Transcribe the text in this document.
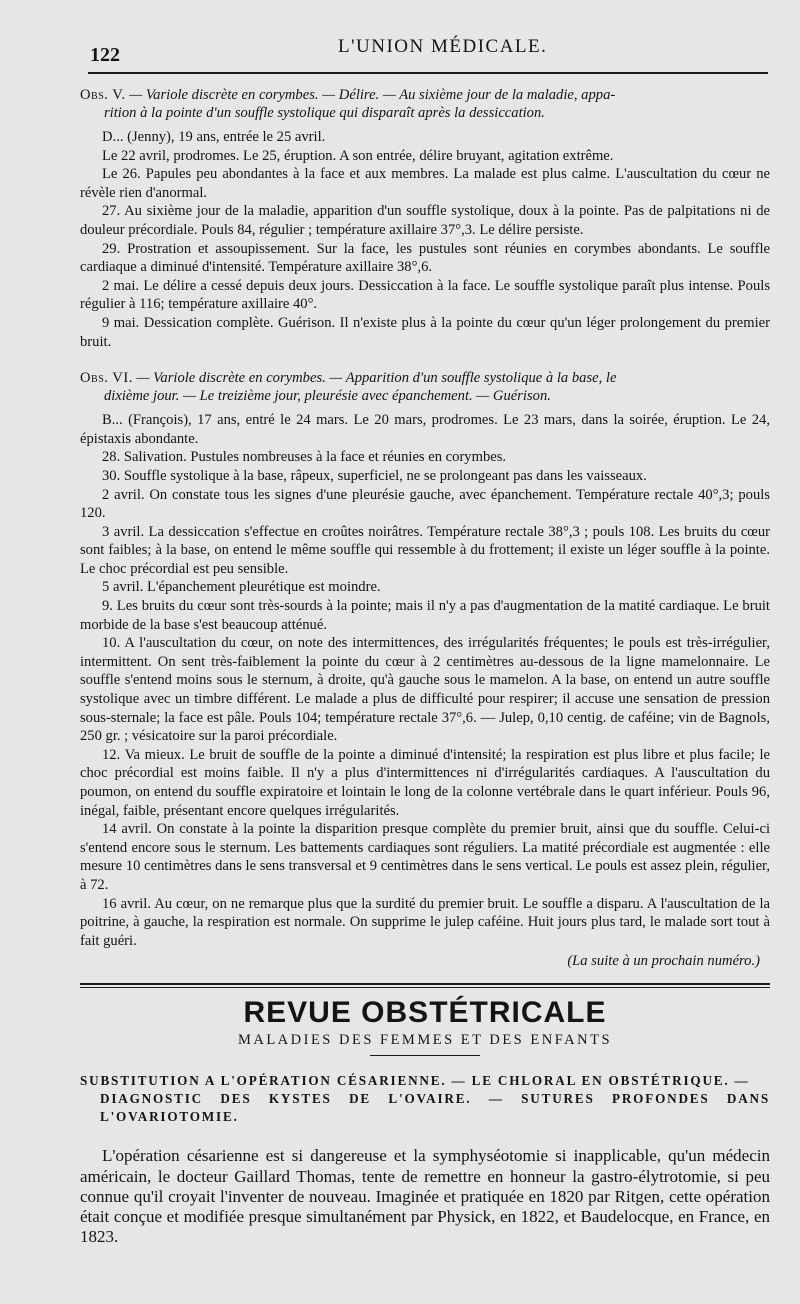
122	L'UNION MÉDICALE.
Obs. V. — Variole discrète en corymbes. — Délire. — Au sixième jour de la maladie, appa-
rition à la pointe d'un souffle systolique qui disparaît après la dessiccation.

D... (Jenny), 19 ans, entrée le 25 avril.

Le 22 avril, prodromes. Le 25, éruption. A son entrée, délire bruyant, agitation extrême.

Le 26. Papules peu abondantes à la face et aux membres. La malade est plus calme. L'auscultation du cœur ne révèle rien d'anormal.

27. Au sixième jour de la maladie, apparition d'un souffle systolique, doux à la pointe. Pas de palpitations ni de douleur précordiale. Pouls 84, régulier ; température axillaire 37°,3. Le délire persiste.

29. Prostration et assoupissement. Sur la face, les pustules sont réunies en corymbes abondants. Le souffle cardiaque a diminué d'intensité. Température axillaire 38°,6.

2 mai. Le délire a cessé depuis deux jours. Dessiccation à la face. Le souffle systolique paraît plus intense. Pouls régulier à 116; température axillaire 40°.

9 mai. Dessication complète. Guérison. Il n'existe plus à la pointe du cœur qu'un léger prolongement du premier bruit.

Obs. VI. — Variole discrète en corymbes. — Apparition d'un souffle systolique à la base, le
dixième jour. — Le treizième jour, pleurésie avec épanchement. — Guérison.

B... (François), 17 ans, entré le 24 mars. Le 20 mars, prodromes. Le 23 mars, dans la soirée, éruption. Le 24, épistaxis abondante.

28. Salivation. Pustules nombreuses à la face et réunies en corymbes.

30. Souffle systolique à la base, râpeux, superficiel, ne se prolongeant pas dans les vaisseaux.

2 avril. On constate tous les signes d'une pleurésie gauche, avec épanchement. Température rectale 40°,3; pouls 120.

3 avril. La dessiccation s'effectue en croûtes noirâtres. Température rectale 38°,3 ; pouls 108. Les bruits du cœur sont faibles; à la base, on entend le même souffle qui ressemble à du frottement; il existe un léger souffle à la pointe. Le choc précordial est peu sensible.

5 avril. L'épanchement pleurétique est moindre.

9. Les bruits du cœur sont très-sourds à la pointe; mais il n'y a pas d'augmentation de la matité cardiaque. Le bruit morbide de la base s'est beaucoup atténué.

10. A l'auscultation du cœur, on note des intermittences, des irrégularités fréquentes; le pouls est très-irrégulier, intermittent. On sent très-faiblement la pointe du cœur à 2 centimètres au-dessous de la ligne mamelonnaire. Le souffle s'entend moins sous le sternum, à droite, qu'à gauche sous le mamelon. A la base, on entend un autre souffle systolique avec un timbre différent. Le malade a plus de difficulté pour respirer; il accuse une sensation de pression sous-sternale; la face est pâle. Pouls 104; température rectale 37°,6. — Julep, 0,10 centig. de caféine; vin de Bagnols, 250 gr. ; vésicatoire sur la paroi précordiale.

12. Va mieux. Le bruit de souffle de la pointe a diminué d'intensité; la respiration est plus libre et plus facile; le choc précordial est moins faible. Il n'y a plus d'intermittences ni d'irrégularités cardiaques. A l'auscultation du poumon, on entend du souffle expiratoire et lointain le long de la colonne vertébrale dans le quart inférieur. Pouls 96, inégal, faible, présentant encore quelques irrégularités.

14 avril. On constate à la pointe la disparition presque complète du premier bruit, ainsi que du souffle. Celui-ci s'entend encore sous le sternum. Les battements cardiaques sont réguliers. La matité précordiale est augmentée : elle mesure 10 centimètres dans le sens transversal et 9 centimètres dans le sens vertical. Le pouls est assez plein, régulier, à 72.

16 avril. Au cœur, on ne remarque plus que la surdité du premier bruit. Le souffle a disparu. A l'auscultation de la poitrine, à gauche, la respiration est normale. On supprime le julep caféine. Huit jours plus tard, le malade sort tout à fait guéri.

(La suite à un prochain numéro.)
REVUE OBSTÉTRICALE
MALADIES DES FEMMES ET DES ENFANTS
SUBSTITUTION A L'OPÉRATION CÉSARIENNE. — LE CHLORAL EN OBSTÉTRIQUE. —
DIAGNOSTIC DES KYSTES DE L'OVAIRE. — SUTURES PROFONDES DANS L'OVARIOTOMIE.

L'opération césarienne est si dangereuse et la symphyséotomie si inapplicable, qu'un médecin américain, le docteur Gaillard Thomas, tente de remettre en honneur la gastro-élytrotomie, si peu connue qu'il croyait l'inventer de nouveau. Imaginée et pratiquée en 1820 par Ritgen, cette opération était conçue et modifiée presque simultanément par Physick, en 1822, et Baudelocque, en France, en 1823.
